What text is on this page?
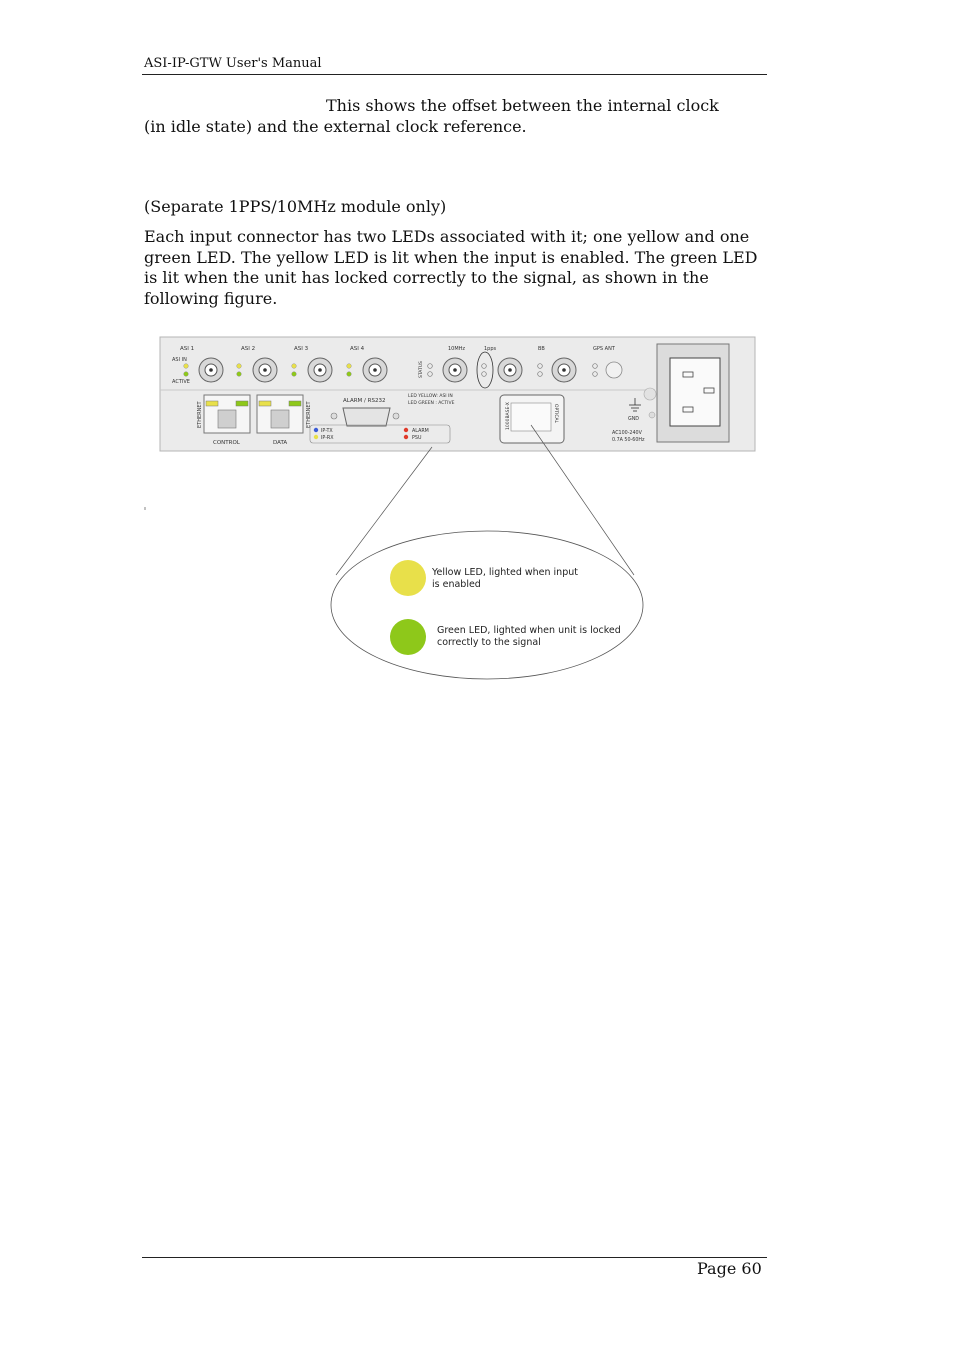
ASI-IP-GTW User's Manual

This shows the offset between the internal clock
(in idle state) and the external clock reference.

(Separate 1PPS/10MHz module only)

Each input connector has two LEDs associated with it; one yellow and one green LED. The yellow LED is lit when the input is enabled. The green LED is lit when the unit has locked correctly to the signal, as shown in the following figure.

ASI 1
ASI IN
ACTIVE
ASI 2	ASI 3	ASI 4	10MHz	1pps	BB	GPS ANT
STATUS
ETHERNET
CONTROL	DATA
ETHERNET
ALARM / RS232
LED YELLOW: ASI IN
LED GREEN : ACTIVE
IP-TX
IP-RX
ALARM
PSU
1000BASE-X	OPTICAL	GND
AC100-240V
0.7A 50-60Hz
Yellow LED, lighted when input
is enabled
Green LED, lighted when unit is locked
correctly to the signal
Page 60
